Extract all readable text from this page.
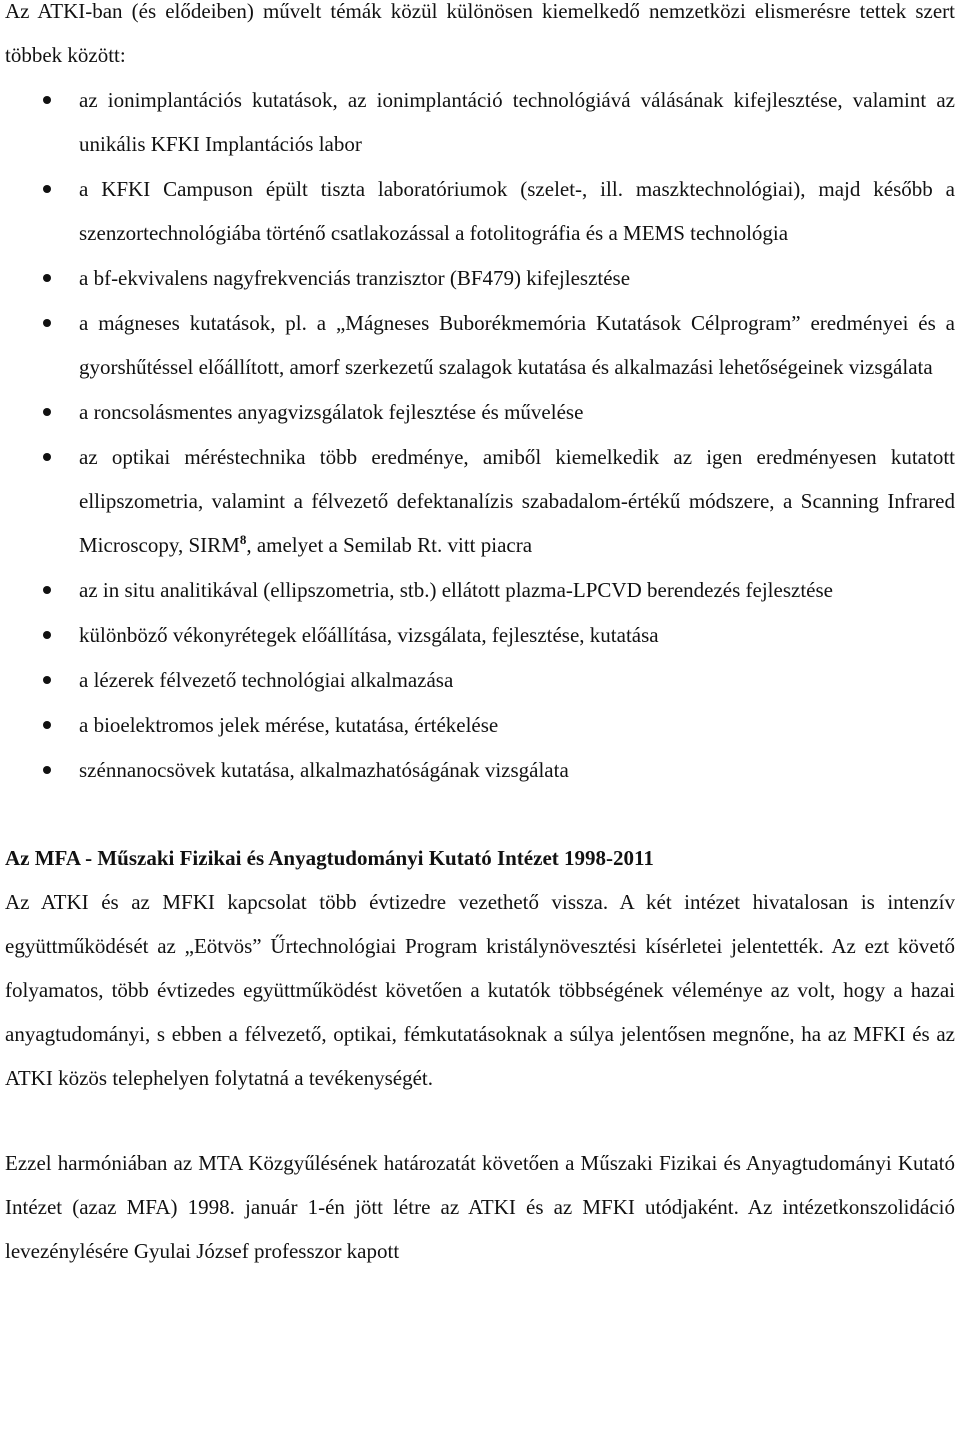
Az ATKI-ban (és elődeiben) művelt témák közül különösen kiemelkedő nemzetközi elismerésre tettek szert többek között:

az ionimplantációs kutatások, az ionimplantáció technológiává válásának kifejlesztése, valamint az unikális KFKI Implantációs labor
a KFKI Campuson épült tiszta laboratóriumok (szelet-, ill. maszktechnológiai), majd később a szenzortechnológiába történő csatlakozással a fotolitográfia és a MEMS technológia
a bf-ekvivalens nagyfrekvenciás tranzisztor (BF479) kifejlesztése
a mágneses kutatások, pl. a „Mágneses Buborékmemória Kutatások Célprogram” eredményei és a gyorshűtéssel előállított, amorf szerkezetű szalagok kutatása és alkalmazási lehetőségeinek vizsgálata
a roncsolásmentes anyagvizsgálatok fejlesztése és művelése
az optikai méréstechnika több eredménye, amiből kiemelkedik az igen eredményesen kutatott ellipszometria, valamint a félvezető defektanalízis szabadalom-értékű módszere, a Scanning Infrared Microscopy, SIRM$^8$, amelyet a Semilab Rt. vitt piacra
az in situ analitikával (ellipszometria, stb.) ellátott plazma-LPCVD berendezés fejlesztése
különböző vékonyrétegek előállítása, vizsgálata, fejlesztése, kutatása
a lézerek félvezető technológiai alkalmazása
a bioelektromos jelek mérése, kutatása, értékelése
szénnanocsövek kutatása, alkalmazhatóságának vizsgálata

Az MFA - Műszaki Fizikai és Anyagtudományi Kutató Intézet 1998-2011

Az ATKI és az MFKI kapcsolat több évtizedre vezethető vissza. A két intézet hivatalosan is intenzív együttműködését az „Eötvös” Űrtechnológiai Program kristálynövesztési kísérletei jelentették. Az ezt követő folyamatos, több évtizedes együttműködést követően a kutatók többségének véleménye az volt, hogy a hazai anyagtudományi, s ebben a félvezető, optikai, fémkutatásoknak a súlya jelentősen megnőne, ha az MFKI és az ATKI közös telephelyen folytatná a tevékenységét.

Ezzel harmóniában az MTA Közgyűlésének határozatát követően a Műszaki Fizikai és Anyagtudományi Kutató Intézet (azaz MFA) 1998. január 1-én jött létre az ATKI és az MFKI utódjaként. Az intézetkonszolidáció levezénylésére Gyulai József professzor kapott
